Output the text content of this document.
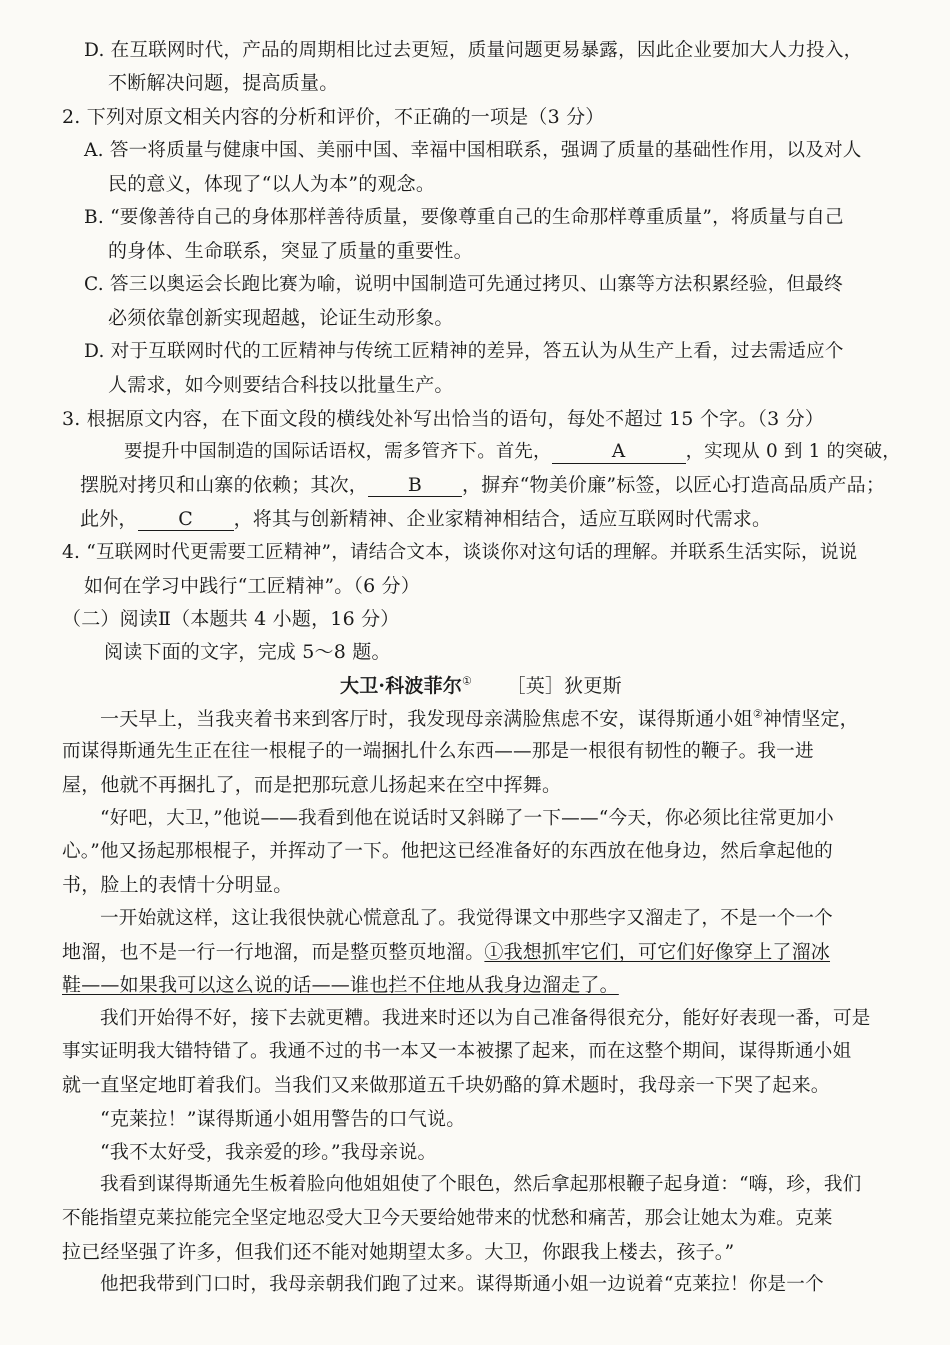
D. 在互联网时代，产品的周期相比过去更短，质量问题更易暴露，因此企业要加大人力投入，
不断解决问题，提高质量。
2. 下列对原文相关内容的分析和评价，不正确的一项是（3 分）
A. 答一将质量与健康中国、美丽中国、幸福中国相联系，强调了质量的基础性作用，以及对人
民的意义，体现了“以人为本”的观念。
B. “要像善待自己的身体那样善待质量，要像尊重自己的生命那样尊重质量”，将质量与自己
的身体、生命联系，突显了质量的重要性。
C. 答三以奥运会长跑比赛为喻，说明中国制造可先通过拷贝、山寨等方法积累经验，但最终
必须依靠创新实现超越，论证生动形象。
D. 对于互联网时代的工匠精神与传统工匠精神的差异，答五认为从生产上看，过去需适应个
人需求，如今则要结合科技以批量生产。
3. 根据原文内容，在下面文段的横线处补写出恰当的语句，每处不超过 15 个字。（3 分）
要提升中国制造的国际话语权，需多管齐下。首先，	A	，实现从 0 到 1 的突破，
摆脱对拷贝和山寨的依赖；其次， B ，摒弃“物美价廉”标签，以匠心打造高品质产品；
此外， C ，将其与创新精神、企业家精神相结合，适应互联网时代需求。
4. “互联网时代更需要工匠精神”，请结合文本，谈谈你对这句话的理解。并联系生活实际，说说
如何在学习中践行“工匠精神”。（6 分）
（二）阅读Ⅱ（本题共 4 小题，16 分）
阅读下面的文字，完成 5～8 题。
大卫·科波菲尔① ［英］狄更斯
一天早上，当我夹着书来到客厅时，我发现母亲满脸焦虑不安，谋得斯通小姐②神情坚定，
而谋得斯通先生正在往一根棍子的一端捆扎什么东西——那是一根很有韧性的鞭子。我一进
屋，他就不再捆扎了，而是把那玩意儿扬起来在空中挥舞。
“好吧，大卫，”他说——我看到他在说话时又斜睇了一下——“今天，你必须比往常更加小
心。”他又扬起那根棍子，并挥动了一下。他把这已经准备好的东西放在他身边，然后拿起他的
书，脸上的表情十分明显。
一开始就这样，这让我很快就心慌意乱了。我觉得课文中那些字又溜走了，不是一个一个
地溜，也不是一行一行地溜，而是整页整页地溜。①我想抓牢它们，可它们好像穿上了溜冰
鞋——如果我可以这么说的话——谁也拦不住地从我身边溜走了。
我们开始得不好，接下去就更糟。我进来时还以为自己准备得很充分，能好好表现一番，可是
事实证明我大错特错了。我通不过的书一本又一本被摞了起来，而在这整个期间，谋得斯通小姐
就一直坚定地盯着我们。当我们又来做那道五千块奶酪的算术题时，我母亲一下哭了起来。
“克莱拉！”谋得斯通小姐用警告的口气说。
“我不太好受，我亲爱的珍。”我母亲说。
我看到谋得斯通先生板着脸向他姐姐使了个眼色，然后拿起那根鞭子起身道：“嗨，珍，我们
不能指望克莱拉能完全坚定地忍受大卫今天要给她带来的忧愁和痛苦，那会让她太为难。克莱
拉已经坚强了许多，但我们还不能对她期望太多。大卫，你跟我上楼去，孩子。”
他把我带到门口时，我母亲朝我们跑了过来。谋得斯通小姐一边说着“克莱拉！你是一个
